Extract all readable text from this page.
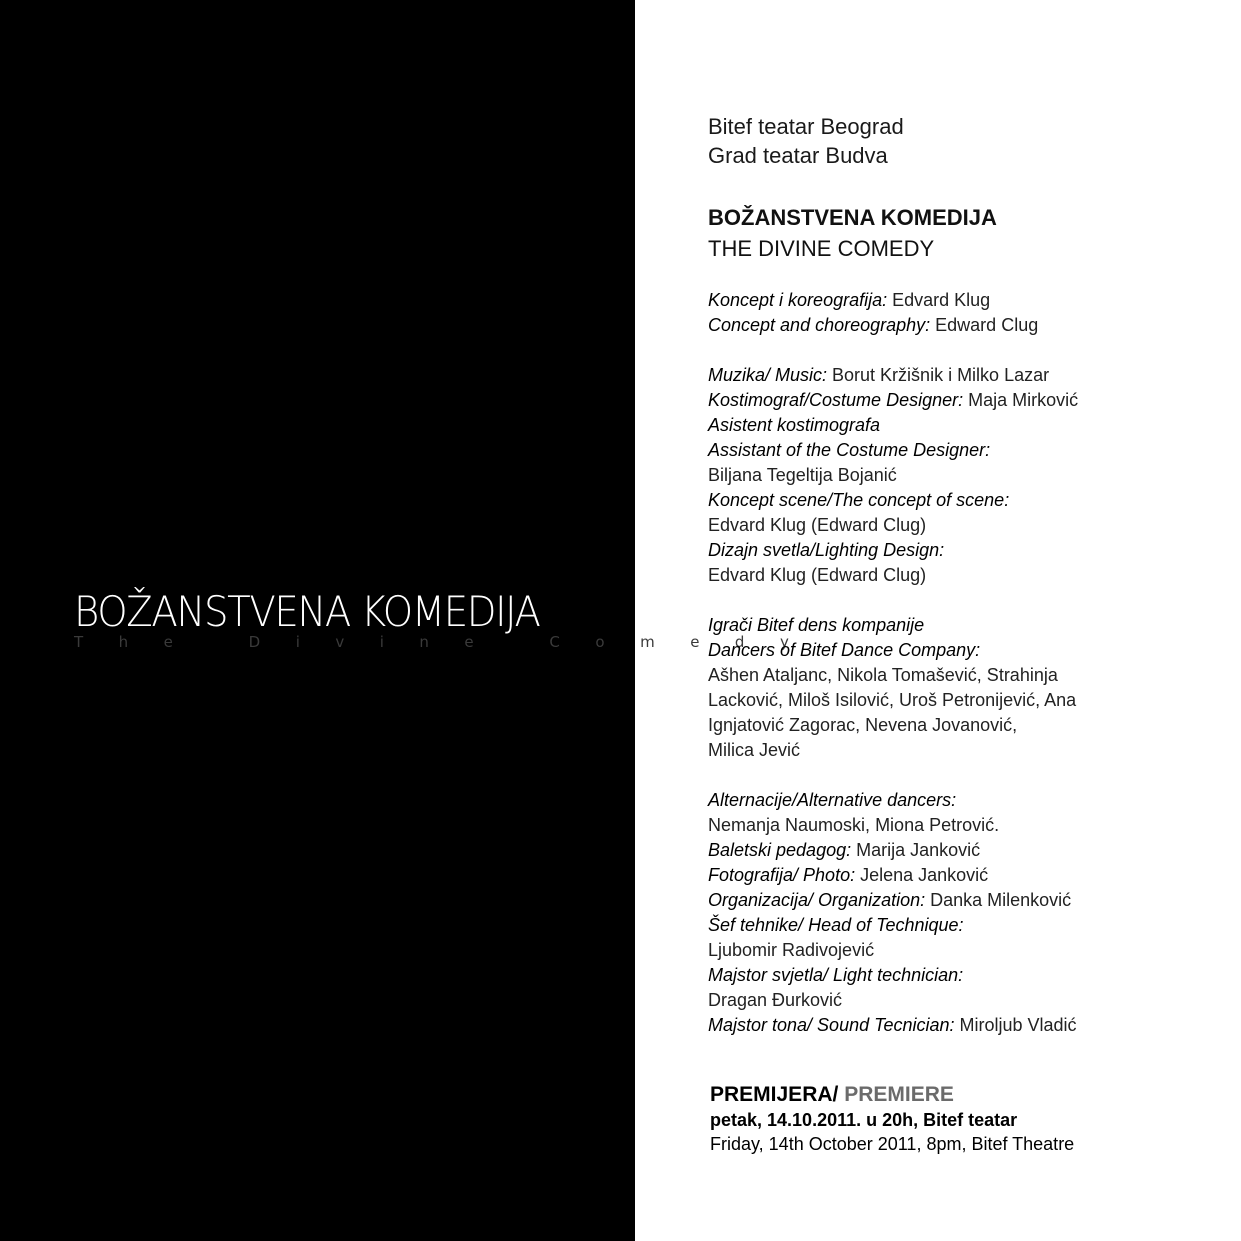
BOŽANSTVENA KOMEDIJA
The Divine Comedy
Bitef teatar Beograd
Grad teatar Budva
BOŽANSTVENA KOMEDIJA
THE DIVINE COMEDY
Koncept i koreografija: Edvard Klug
Concept and choreography: Edward Clug
Muzika/ Music: Borut Kržišnik i Milko Lazar
Kostimograf/Costume Designer: Maja Mirković
Asistent kostimografa
Assistant of the Costume Designer:
Biljana Tegeltija Bojanić
Koncept scene/The concept of scene:
Edvard Klug (Edward Clug)
Dizajn svetla/Lighting Design:
Edvard Klug (Edward Clug)
Igrači Bitef dens kompanije
Dancers of Bitef Dance Company:
Ašhen Ataljanc, Nikola Tomašević, Strahinja
Lacković, Miloš Isilović, Uroš Petronijević, Ana
Ignjatović Zagorac, Nevena Jovanović,
Milica Jević
Alternacije/Alternative dancers:
Nemanja Naumoski, Miona Petrović.
Baletski pedagog: Marija Janković
Fotografija/ Photo: Jelena Janković
Organizacija/ Organization: Danka Milenković
Šef tehnike/ Head of Technique:
Ljubomir Radivojević
Majstor svjetla/ Light technician:
Dragan Đurković
Majstor tona/ Sound Tecnician: Miroljub Vladić
PREMIJERA/ PREMIERE
petak, 14.10.2011. u 20h, Bitef teatar
Friday, 14th October 2011, 8pm, Bitef Theatre
